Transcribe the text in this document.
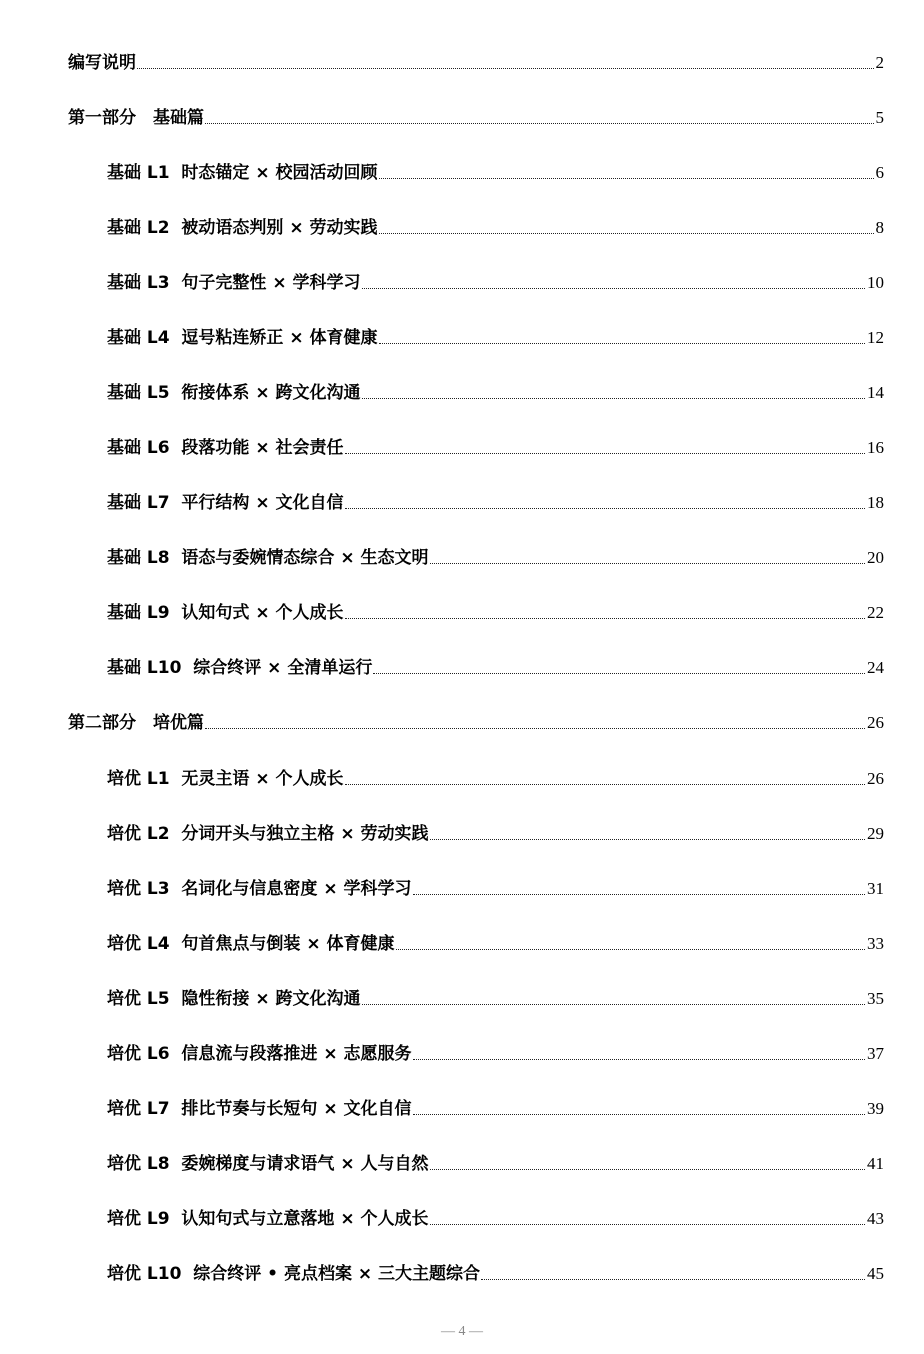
编写说明	2
第一部分　基础篇	5
基础 L1  时态锚定 × 校园活动回顾	6
基础 L2  被动语态判别 × 劳动实践	8
基础 L3  句子完整性 × 学科学习	10
基础 L4  逗号粘连矫正 × 体育健康	12
基础 L5  衔接体系 × 跨文化沟通	14
基础 L6  段落功能 × 社会责任	16
基础 L7  平行结构 × 文化自信	18
基础 L8  语态与委婉情态综合 × 生态文明	20
基础 L9  认知句式 × 个人成长	22
基础 L10  综合终评 × 全清单运行	24
第二部分　培优篇	26
培优 L1  无灵主语 × 个人成长	26
培优 L2  分词开头与独立主格 × 劳动实践	29
培优 L3  名词化与信息密度 × 学科学习	31
培优 L4  句首焦点与倒装 × 体育健康	33
培优 L5  隐性衔接 × 跨文化沟通	35
培优 L6  信息流与段落推进 × 志愿服务	37
培优 L7  排比节奏与长短句 × 文化自信	39
培优 L8  委婉梯度与请求语气 × 人与自然	41
培优 L9  认知句式与立意落地 × 个人成长	43
培优 L10  综合终评 • 亮点档案 × 三大主题综合	45
— 4 —
